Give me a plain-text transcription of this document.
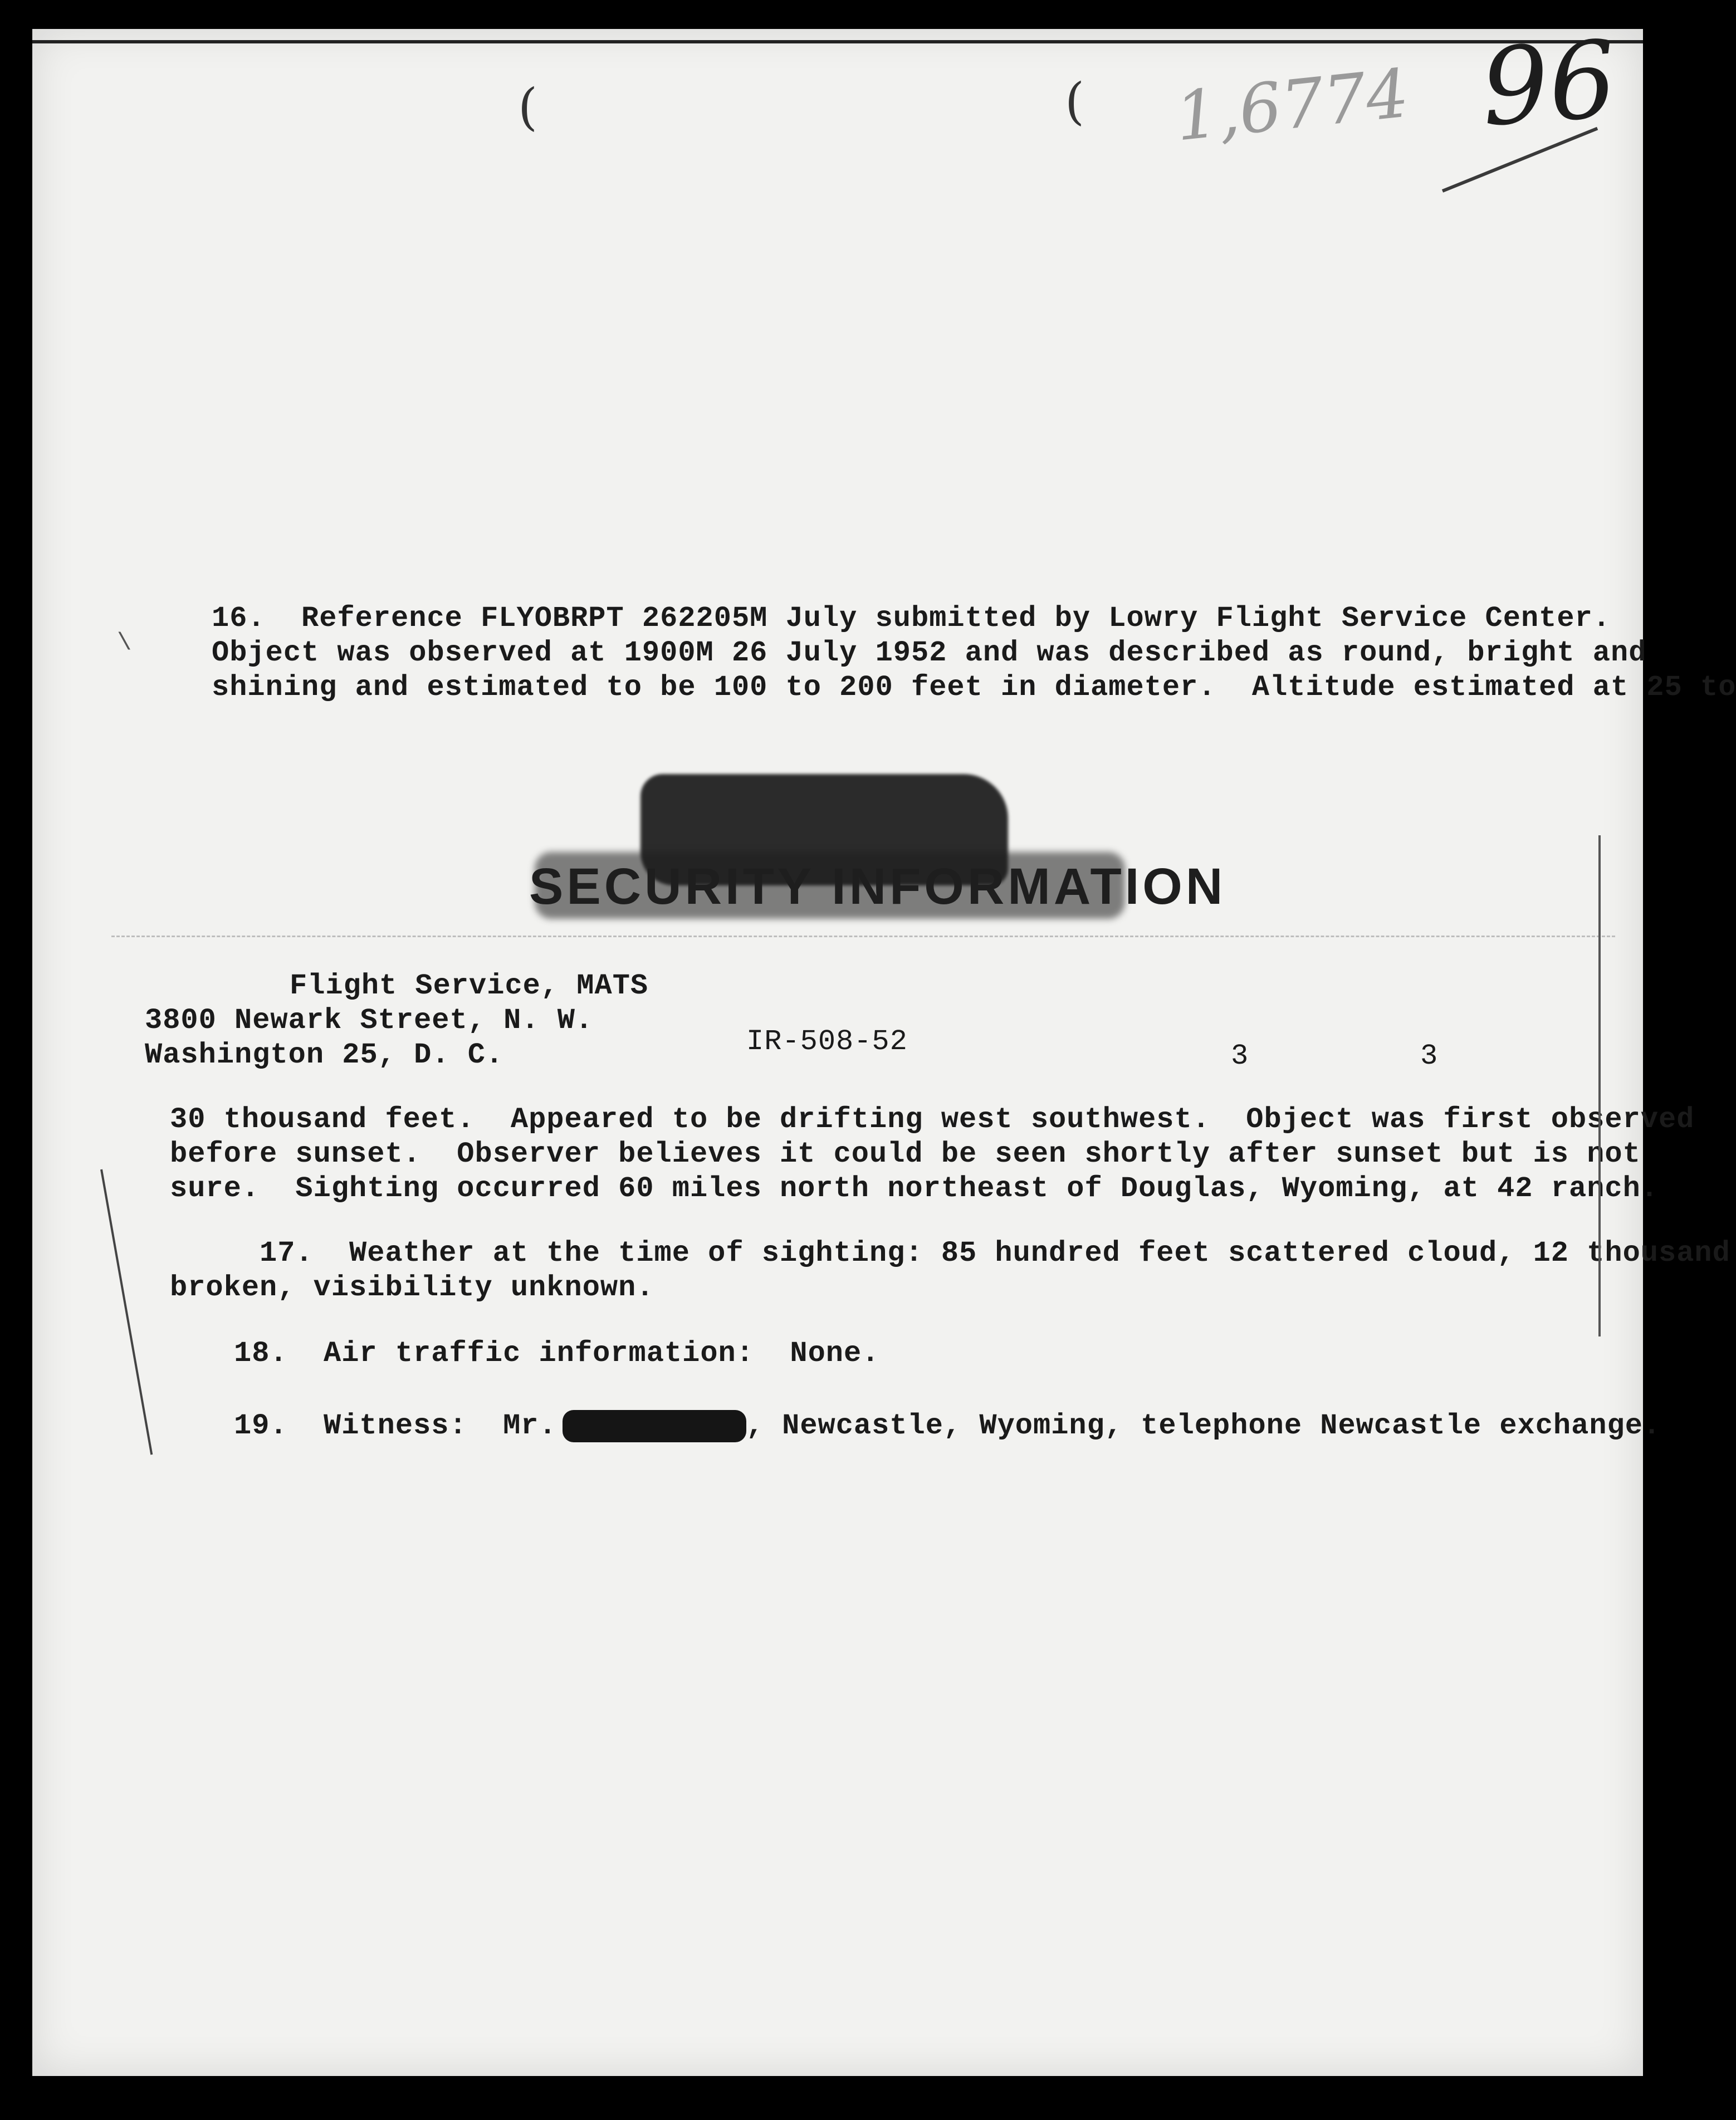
(	( 1,6774 96
\
16.  Reference FLYOBRPT 262205M July submitted by Lowry Flight Service Center.
Object was observed at 1900M 26 July 1952 and was described as round, bright and
shining and estimated to be 100 to 200 feet in diameter.  Altitude estimated at 25 to
SECURITY INFORMATION
Flight Service, MATS
3800 Newark Street, N. W.
Washington 25, D. C.	IR-508-52	3	3
30 thousand feet.  Appeared to be drifting west southwest.  Object was first observed
before sunset.  Observer believes it could be seen shortly after sunset but is not
sure.  Sighting occurred 60 miles north northeast of Douglas, Wyoming, at 42 ranch.
17.  Weather at the time of sighting: 85 hundred feet scattered cloud, 12 thousand
broken, visibility unknown.
18.  Air traffic information:  None.
19.  Witness:  Mr.	, Newcastle, Wyoming, telephone Newcastle exchange.
